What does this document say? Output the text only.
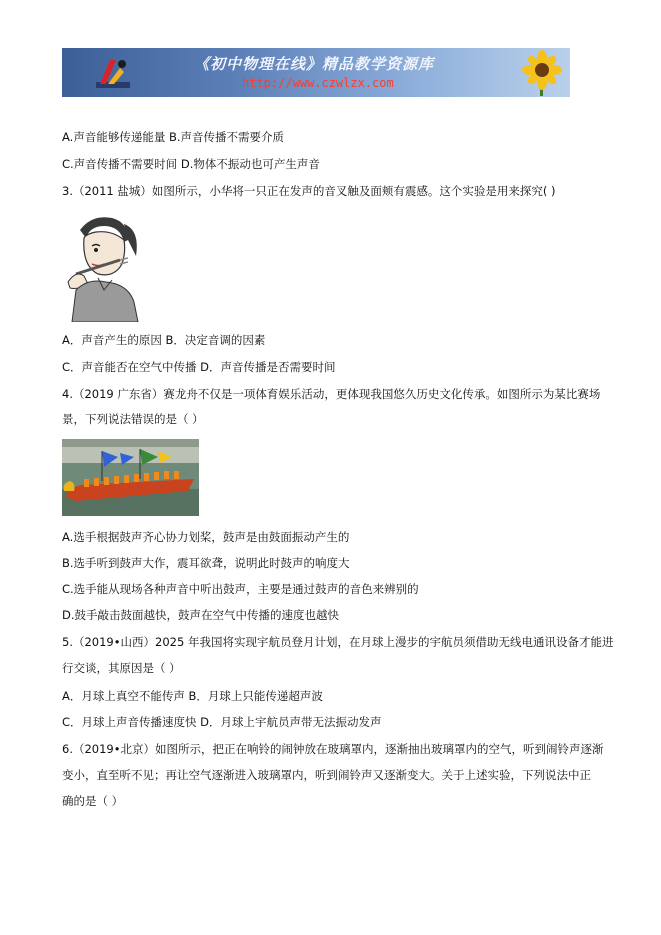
《初中物理在线》精品教学资源库
http://www.czwlzx.com
A.声音能够传递能量 B.声音传播不需要介质
C.声音传播不需要时间 D.物体不振动也可产生声音
3.（2011 盐城）如图所示，小华将一只正在发声的音叉触及面颊有震感。这个实验是用来探究( )
A．声音产生的原因 B．决定音调的因素
C．声音能否在空气中传播 D．声音传播是否需要时间
4.（2019 广东省）赛龙舟不仅是一项体育娱乐活动，更体现我国悠久历史文化传承。如图所示为某比赛场
景，下列说法错误的是（ ）
A.选手根据鼓声齐心协力划桨，鼓声是由鼓面振动产生的
B.选手听到鼓声大作，震耳欲聋，说明此时鼓声的响度大
C.选手能从现场各种声音中听出鼓声，主要是通过鼓声的音色来辨别的
D.鼓手敲击鼓面越快，鼓声在空气中传播的速度也越快
5.（2019•山西）2025 年我国将实现宇航员登月计划，在月球上漫步的宇航员须借助无线电通讯设备才能进
行交谈，其原因是（ ）
A．月球上真空不能传声 B．月球上只能传递超声波
C．月球上声音传播速度快 D．月球上宇航员声带无法振动发声
6.（2019•北京）如图所示，把正在响铃的闹钟放在玻璃罩内，逐渐抽出玻璃罩内的空气，听到闹铃声逐渐
变小，直至听不见；再让空气逐渐进入玻璃罩内，听到闹铃声又逐渐变大。关于上述实验，下列说法中正
确的是（ ）
